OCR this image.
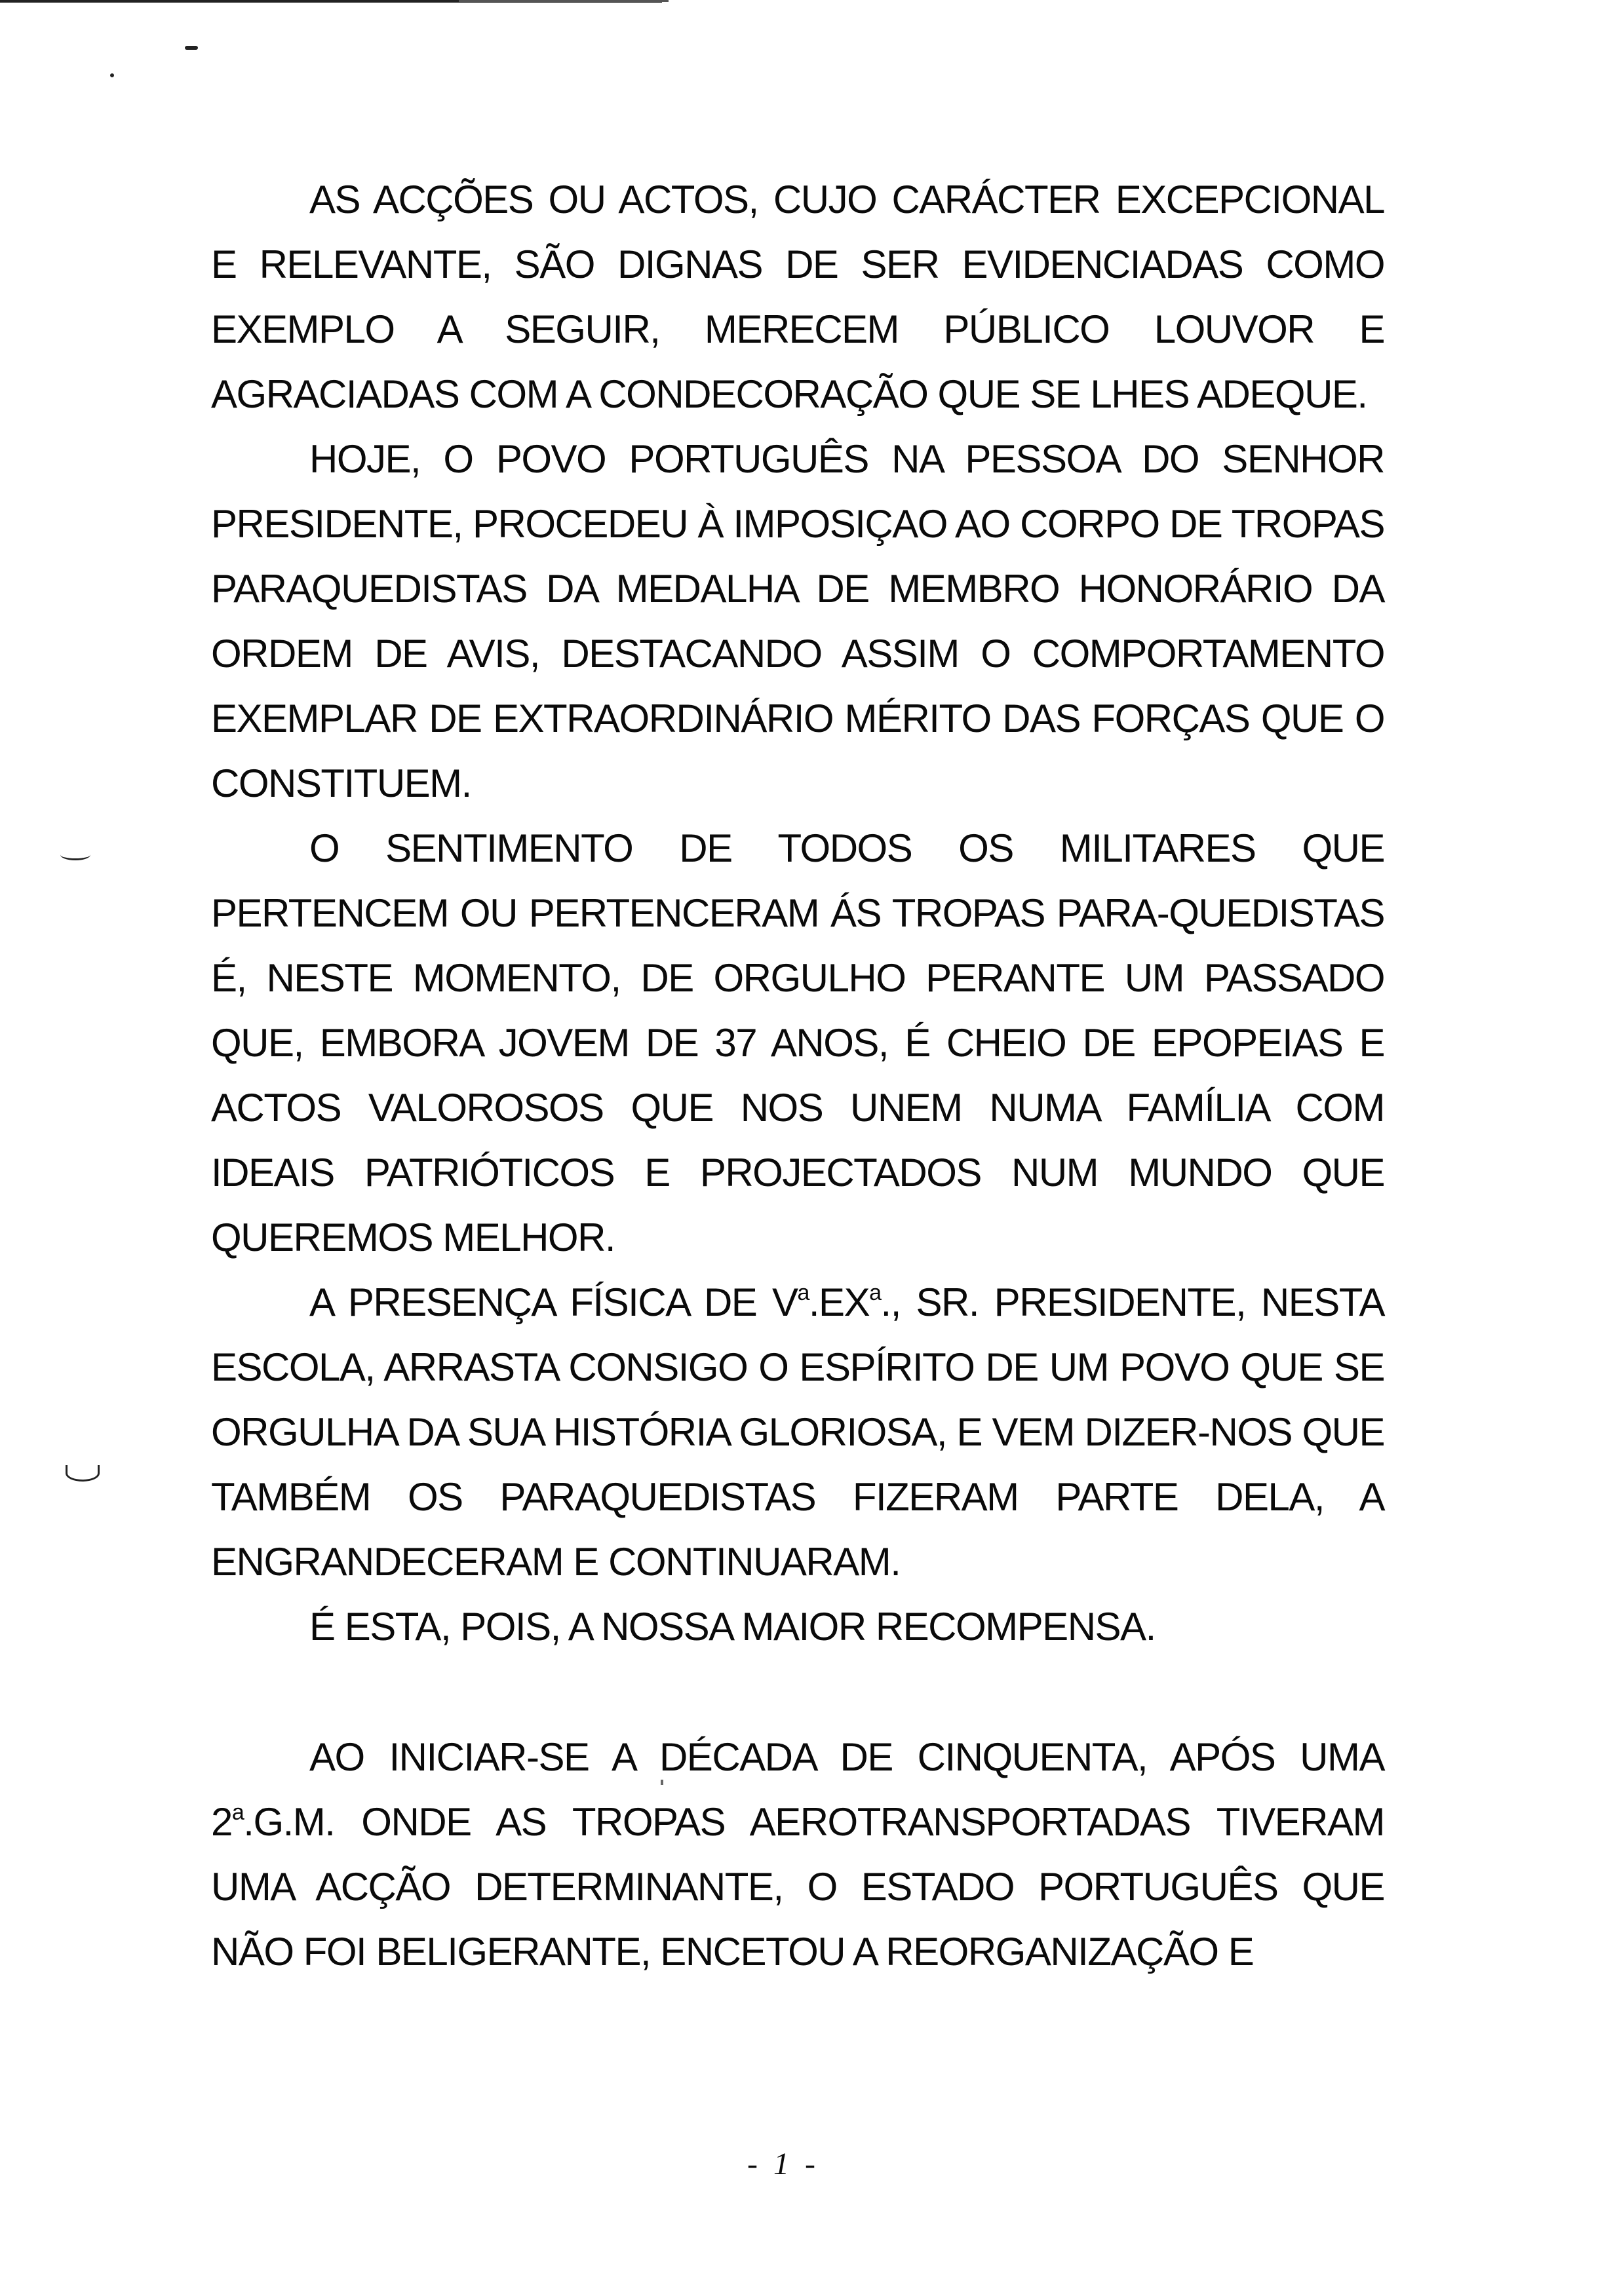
AS ACÇÕES OU ACTOS, CUJO CARÁCTER EXCEPCIONAL E RELEVANTE, SÃO DIGNAS DE SER EVIDENCIADAS COMO EXEMPLO A SEGUIR, MERECEM PÚBLICO LOUVOR E AGRACIADAS COM A CONDECORAÇÃO QUE SE LHES ADEQUE.

HOJE, O POVO PORTUGUÊS NA PESSOA DO SENHOR PRESIDENTE, PROCEDEU À IMPOSIÇAO AO CORPO DE TROPAS PARAQUEDISTAS DA MEDALHA DE MEMBRO HONORÁRIO DA ORDEM DE AVIS, DESTACANDO ASSIM O COMPORTAMENTO EXEMPLAR DE EXTRAORDINÁRIO MÉRITO DAS FORÇAS QUE O CONSTITUEM.

O SENTIMENTO DE TODOS OS MILITARES QUE PERTENCEM OU PERTENCERAM ÁS TROPAS PARA-QUEDISTAS É, NESTE MOMENTO, DE ORGULHO PERANTE UM PASSADO QUE, EMBORA JOVEM DE 37 ANOS, É CHEIO DE EPOPEIAS E ACTOS VALOROSOS QUE NOS UNEM NUMA FAMÍLIA COM IDEAIS PATRIÓTICOS E PROJECTADOS NUM MUNDO QUE QUEREMOS MELHOR.

A PRESENÇA FÍSICA DE $V^a.EX^a$., SR. PRESIDENTE, NESTA ESCOLA, ARRASTA CONSIGO O ESPÍRITO DE UM POVO QUE SE ORGULHA DA SUA HISTÓRIA GLORIOSA, E VEM DIZER-NOS QUE TAMBÉM OS PARAQUEDISTAS FIZERAM PARTE DELA, A ENGRANDECERAM E CONTINUARAM.

É ESTA, POIS, A NOSSA MAIOR RECOMPENSA.

AO INICIAR-SE A DÉCADA DE CINQUENTA, APÓS UMA 2$^a$.G.M. ONDE AS TROPAS AEROTRANSPORTADAS TIVERAM UMA ACÇÃO DETERMINANTE, O ESTADO PORTUGUÊS QUE NÃO FOI BELIGERANTE, ENCETOU A REORGANIZAÇÃO E

- 1 -
